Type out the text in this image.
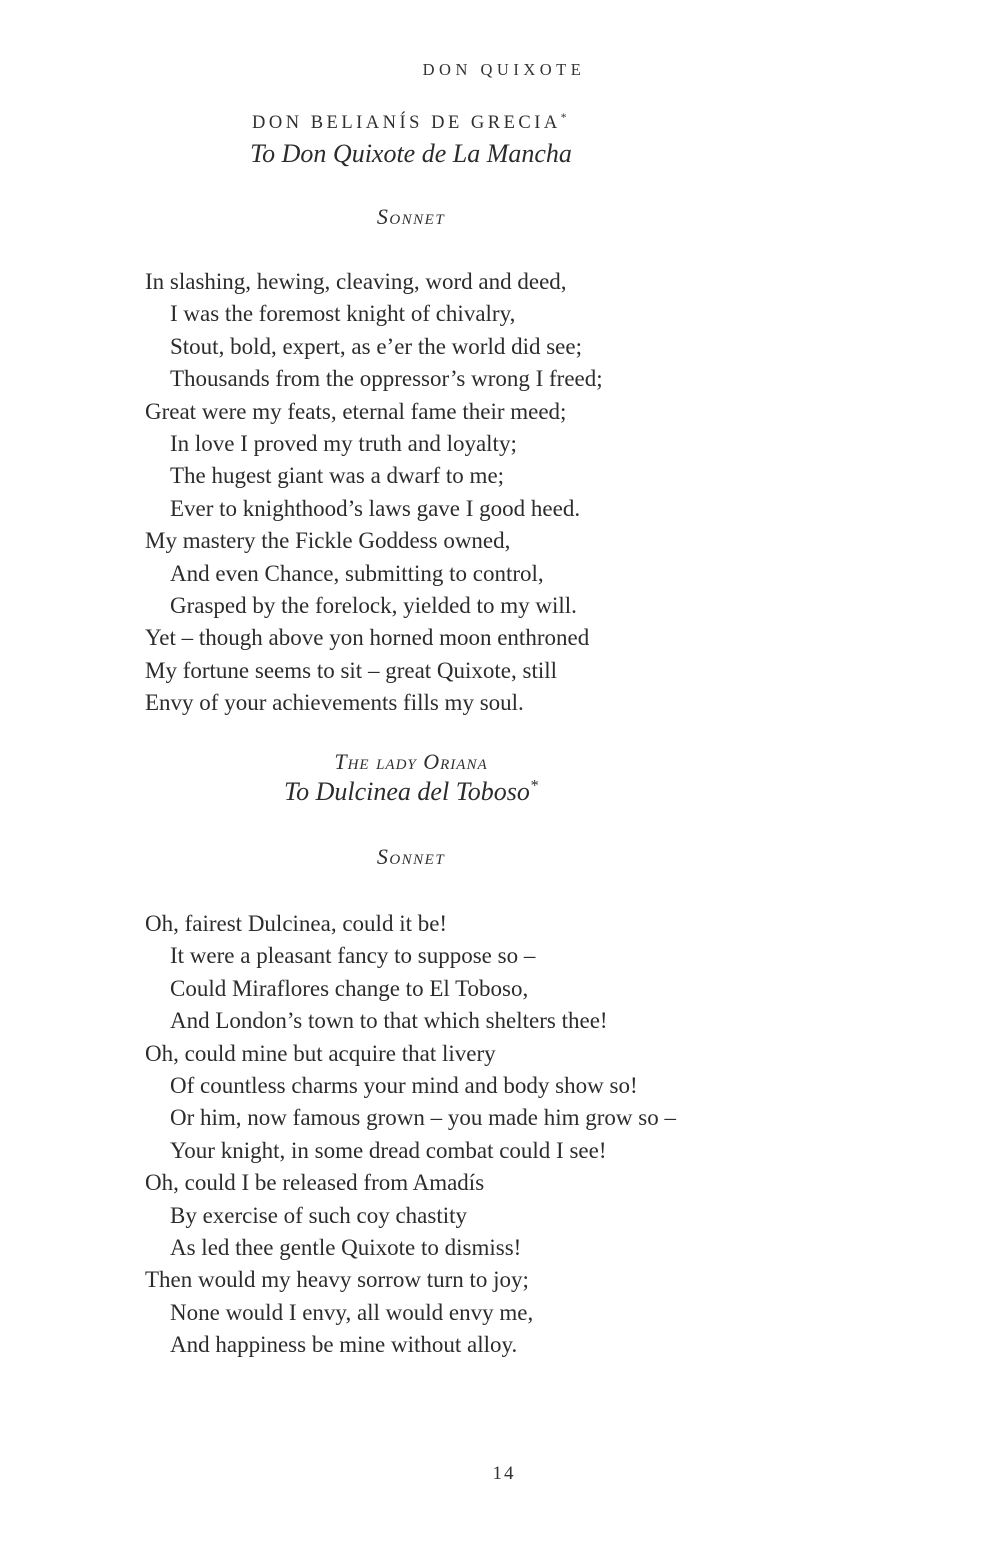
DON QUIXOTE
DON BELIANÍS DE GRECIA*
To Don Quixote de La Mancha
Sonnet
In slashing, hewing, cleaving, word and deed,
I was the foremost knight of chivalry,
Stout, bold, expert, as e’er the world did see;
Thousands from the oppressor’s wrong I freed;
Great were my feats, eternal fame their meed;
In love I proved my truth and loyalty;
The hugest giant was a dwarf to me;
Ever to knighthood’s laws gave I good heed.
My mastery the Fickle Goddess owned,
And even Chance, submitting to control,
Grasped by the forelock, yielded to my will.
Yet – though above yon horned moon enthroned
My fortune seems to sit – great Quixote, still
Envy of your achievements fills my soul.
The lady Oriana
To Dulcinea del Toboso*
Sonnet
Oh, fairest Dulcinea, could it be!
It were a pleasant fancy to suppose so –
Could Miraflores change to El Toboso,
And London’s town to that which shelters thee!
Oh, could mine but acquire that livery
Of countless charms your mind and body show so!
Or him, now famous grown – you made him grow so –
Your knight, in some dread combat could I see!
Oh, could I be released from Amadís
By exercise of such coy chastity
As led thee gentle Quixote to dismiss!
Then would my heavy sorrow turn to joy;
None would I envy, all would envy me,
And happiness be mine without alloy.
14
